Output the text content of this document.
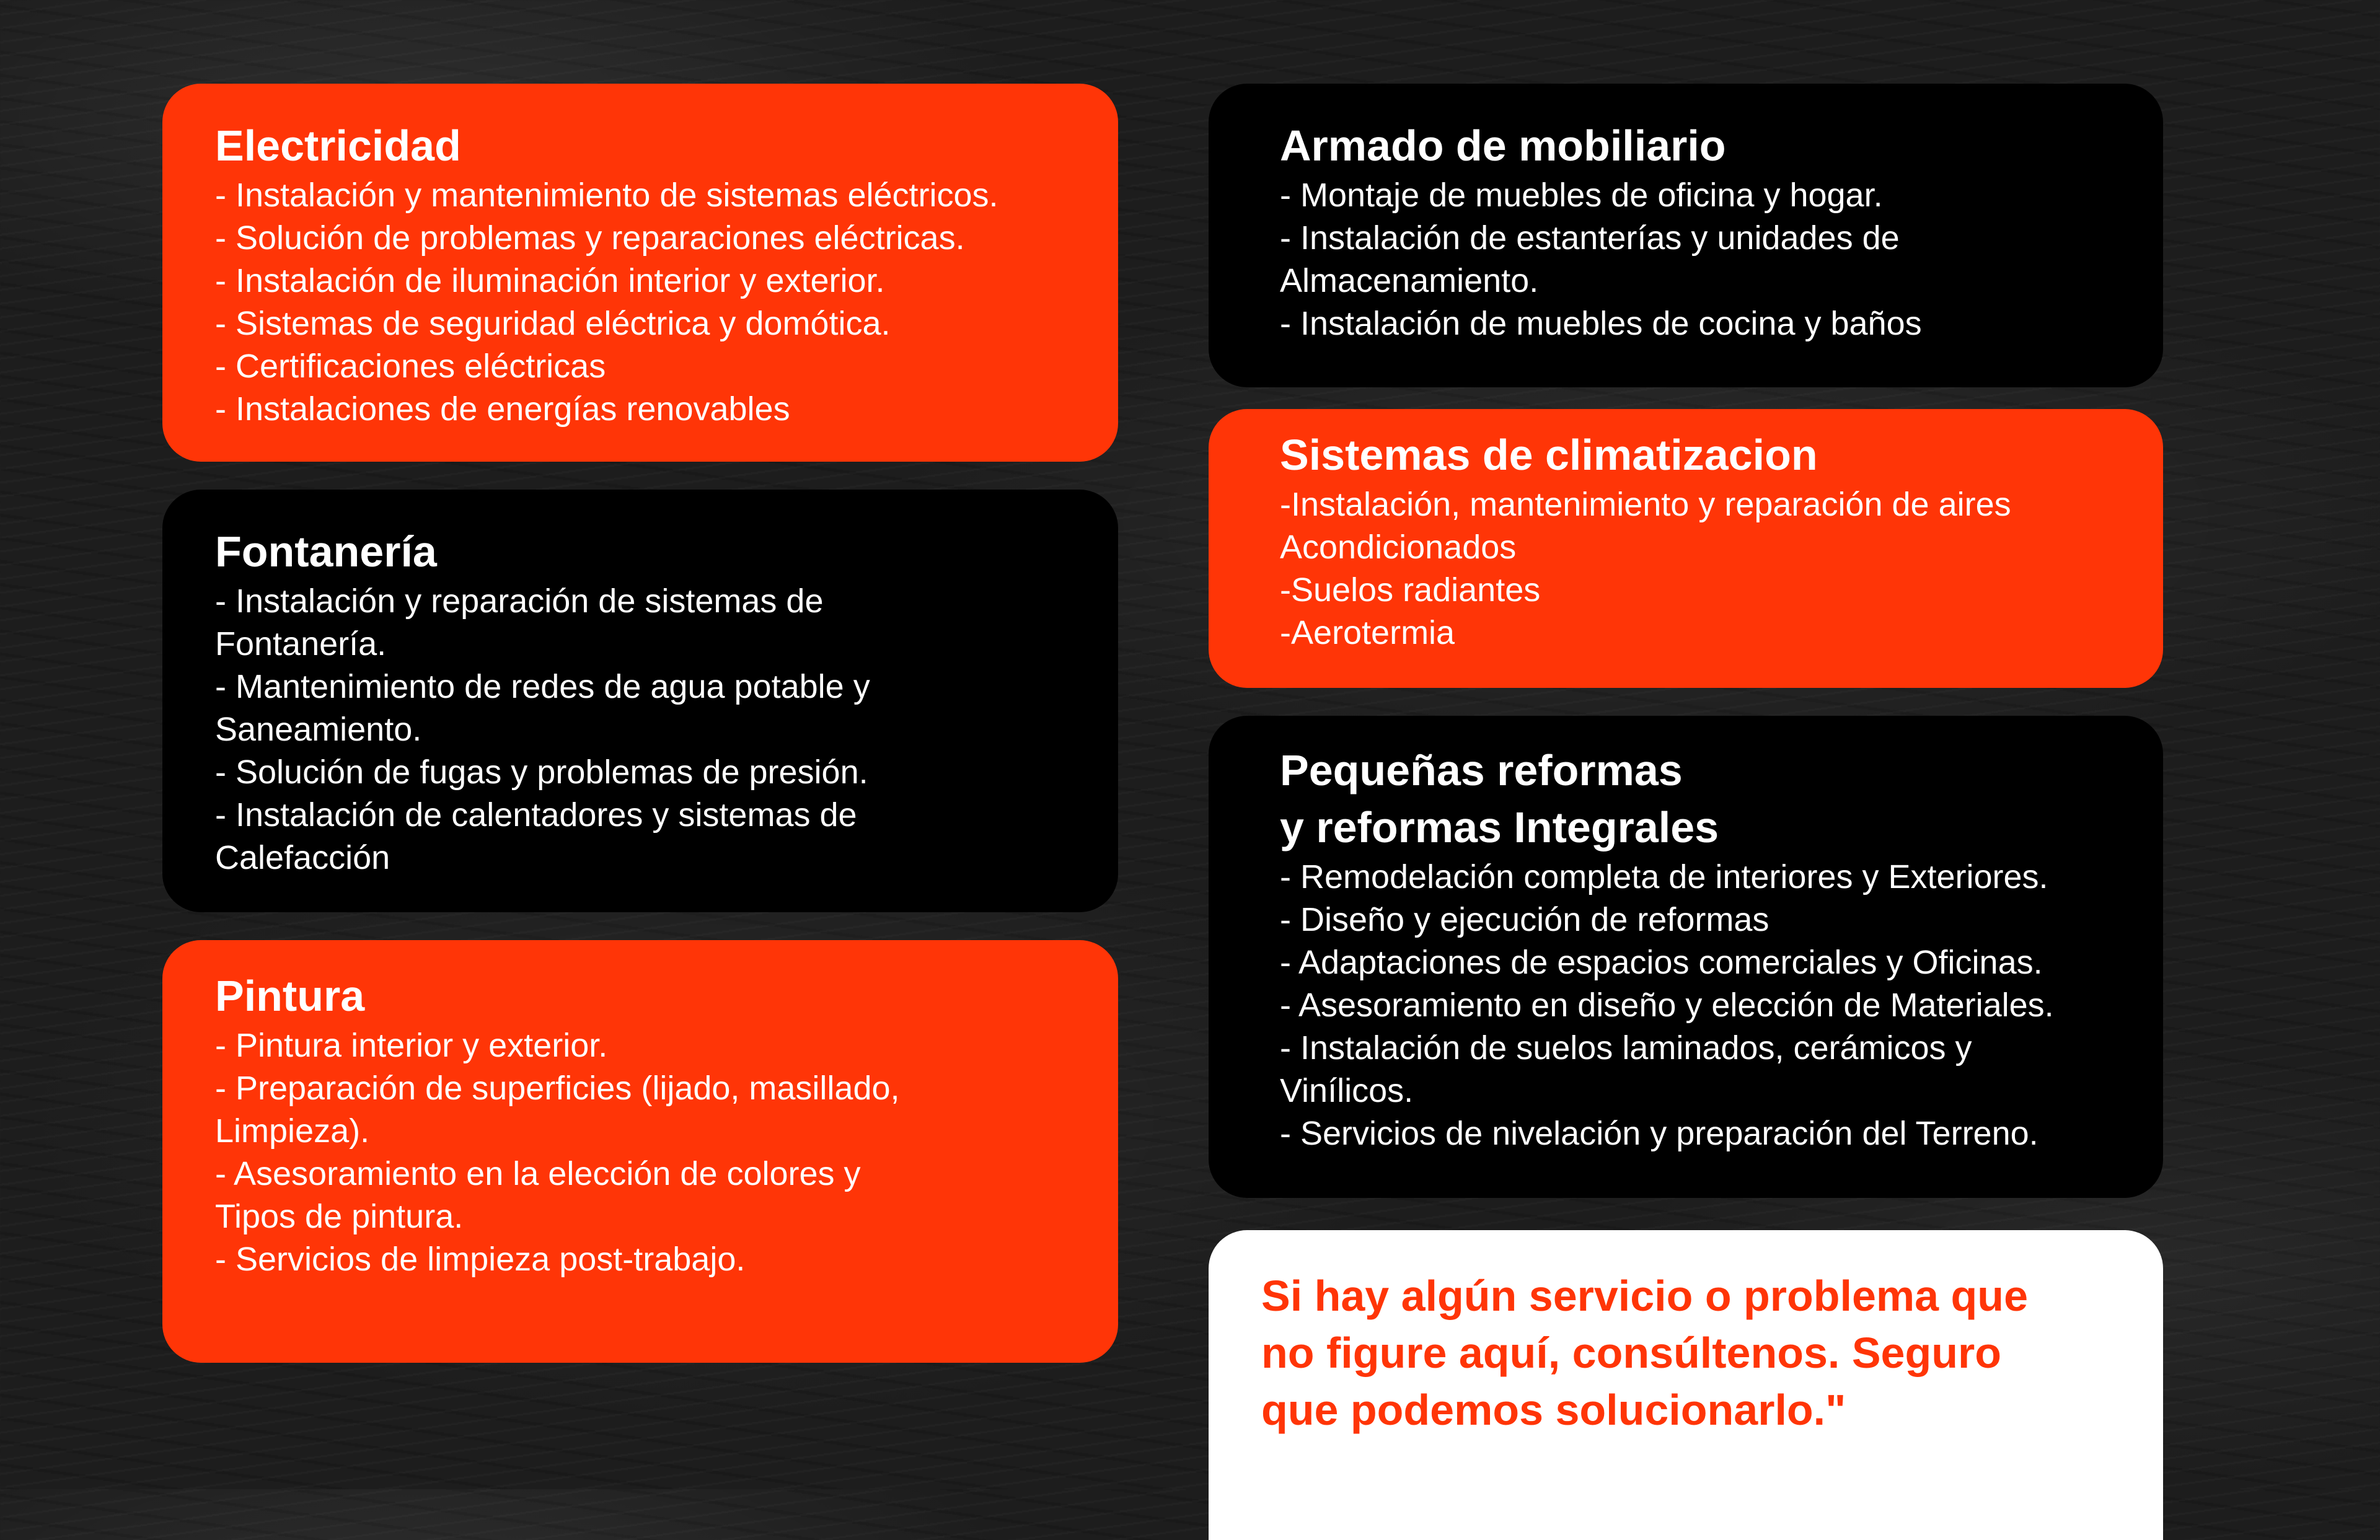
Electricidad
- Instalación y mantenimiento de sistemas eléctricos.
- Solución de problemas y reparaciones eléctricas.
- Instalación de iluminación interior y exterior.
- Sistemas de seguridad eléctrica y domótica.
- Certificaciones eléctricas
- Instalaciones de energías renovables
Fontanería
- Instalación y reparación de sistemas de
Fontanería.
- Mantenimiento de redes de agua potable y
Saneamiento.
- Solución de fugas y problemas de presión.
- Instalación de calentadores y sistemas de
Calefacción
Pintura
- Pintura interior y exterior.
- Preparación de superficies (lijado, masillado,
Limpieza).
- Asesoramiento en la elección de colores y
Tipos de pintura.
- Servicios de limpieza post-trabajo.
Armado de mobiliario
- Montaje de muebles de oficina y hogar.
- Instalación de estanterías y unidades de
Almacenamiento.
- Instalación de muebles de cocina y baños
Sistemas de climatizacion
-Instalación, mantenimiento y reparación de aires
Acondicionados
-Suelos radiantes
-Aerotermia
Pequeñas reformas
y reformas Integrales
- Remodelación completa de interiores y Exteriores.
- Diseño y ejecución de reformas
- Adaptaciones de espacios comerciales y Oficinas.
- Asesoramiento en diseño y elección de Materiales.
- Instalación de suelos laminados, cerámicos y
Vinílicos.
- Servicios de nivelación y preparación del Terreno.
Si hay algún servicio o problema que
no figure aquí, consúltenos. Seguro
que podemos solucionarlo."
